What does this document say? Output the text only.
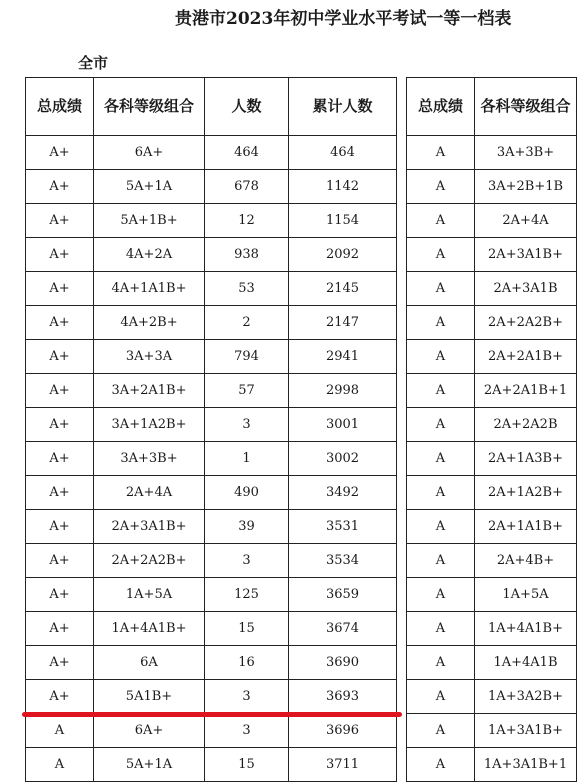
贵港市2023年初中学业水平考试一等一档表
全市
总成绩	各科等级组合	人数	累计人数
A+	6A+	464	464
A+	5A+1A	678	1142
A+	5A+1B+	12	1154
A+	4A+2A	938	2092
A+	4A+1A1B+	53	2145
A+	4A+2B+	2	2147
A+	3A+3A	794	2941
A+	3A+2A1B+	57	2998
A+	3A+1A2B+	3	3001
A+	3A+3B+	1	3002
A+	2A+4A	490	3492
A+	2A+3A1B+	39	3531
A+	2A+2A2B+	3	3534
A+	1A+5A	125	3659
A+	1A+4A1B+	15	3674
A+	6A	16	3690
A+	5A1B+	3	3693
A	6A+	3	3696
A	5A+1A	15	3711
总成绩	各科等级组合
A	3A+3B+
A	3A+2B+1B
A	2A+4A
A	2A+3A1B+
A	2A+3A1B
A	2A+2A2B+
A	2A+2A1B+
A	2A+2A1B+1
A	2A+2A2B
A	2A+1A3B+
A	2A+1A2B+
A	2A+1A1B+
A	2A+4B+
A	1A+5A
A	1A+4A1B+
A	1A+4A1B
A	1A+3A2B+
A	1A+3A1B+
A	1A+3A1B+1
